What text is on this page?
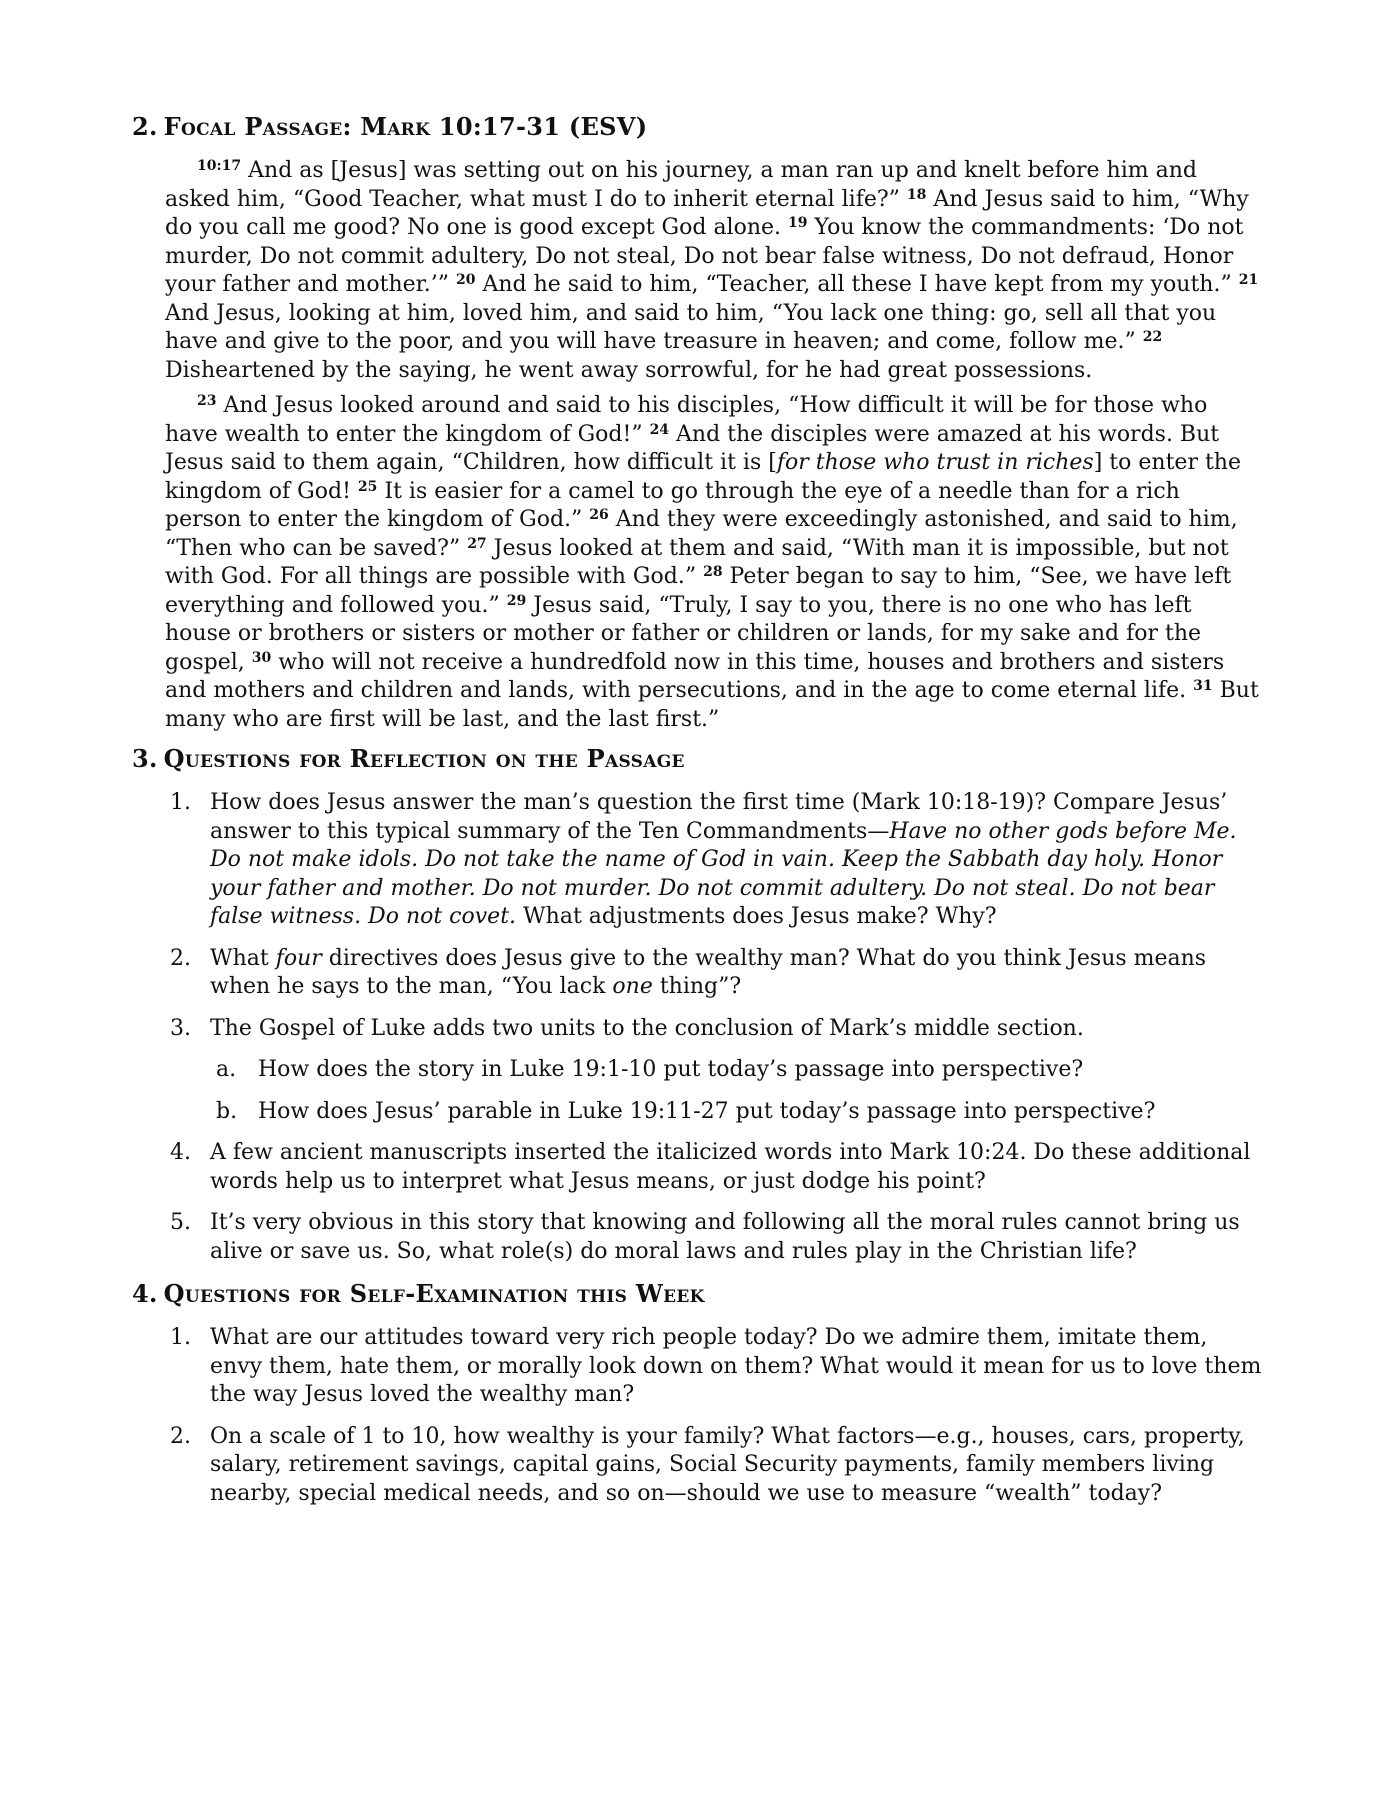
2. Focal Passage: Mark 10:17-31 (ESV)

$^{10:17}$ And as [Jesus] was setting out on his journey, a man ran up and knelt before him and asked him, “Good Teacher, what must I do to inherit eternal life?” $^{18}$ And Jesus said to him, “Why do you call me good? No one is good except God alone. $^{19}$ You know the commandments: ‘Do not murder, Do not commit adultery, Do not steal, Do not bear false witness, Do not defraud, Honor your father and mother.’” $^{20}$ And he said to him, “Teacher, all these I have kept from my youth.” $^{21}$ And Jesus, looking at him, loved him, and said to him, “You lack one thing: go, sell all that you have and give to the poor, and you will have treasure in heaven; and come, follow me.” $^{22}$ Disheartened by the saying, he went away sorrowful, for he had great possessions.

$^{23}$ And Jesus looked around and said to his disciples, “How difficult it will be for those who have wealth to enter the kingdom of God!” $^{24}$ And the disciples were amazed at his words. But Jesus said to them again, “Children, how difficult it is [for those who trust in riches] to enter the kingdom of God! $^{25}$ It is easier for a camel to go through the eye of a needle than for a rich person to enter the kingdom of God.” $^{26}$ And they were exceedingly astonished, and said to him, “Then who can be saved?” $^{27}$ Jesus looked at them and said, “With man it is impossible, but not with God. For all things are possible with God.” $^{28}$ Peter began to say to him, “See, we have left everything and followed you.” $^{29}$ Jesus said, “Truly, I say to you, there is no one who has left house or brothers or sisters or mother or father or children or lands, for my sake and for the gospel, $^{30}$ who will not receive a hundredfold now in this time, houses and brothers and sisters and mothers and children and lands, with persecutions, and in the age to come eternal life. $^{31}$ But many who are first will be last, and the last first.”

3. Questions for Reflection on the Passage
1. How does Jesus answer the man’s question the first time (Mark 10:18-19)? Compare Jesus’ answer to this typical summary of the Ten Commandments—Have no other gods before Me. Do not make idols. Do not take the name of God in vain. Keep the Sabbath day holy. Honor your father and mother. Do not murder. Do not commit adultery. Do not steal. Do not bear false witness. Do not covet. What adjustments does Jesus make? Why?
2. What four directives does Jesus give to the wealthy man? What do you think Jesus means when he says to the man, “You lack one thing”?
3. The Gospel of Luke adds two units to the conclusion of Mark’s middle section.
a. How does the story in Luke 19:1-10 put today’s passage into perspective?
b. How does Jesus’ parable in Luke 19:11-27 put today’s passage into perspective?
4. A few ancient manuscripts inserted the italicized words into Mark 10:24. Do these additional words help us to interpret what Jesus means, or just dodge his point?
5. It’s very obvious in this story that knowing and following all the moral rules cannot bring us alive or save us. So, what role(s) do moral laws and rules play in the Christian life?
4. Questions for Self-Examination this Week
1. What are our attitudes toward very rich people today? Do we admire them, imitate them, envy them, hate them, or morally look down on them? What would it mean for us to love them the way Jesus loved the wealthy man?
2. On a scale of 1 to 10, how wealthy is your family? What factors—e.g., houses, cars, property, salary, retirement savings, capital gains, Social Security payments, family members living nearby, special medical needs, and so on—should we use to measure “wealth” today?
